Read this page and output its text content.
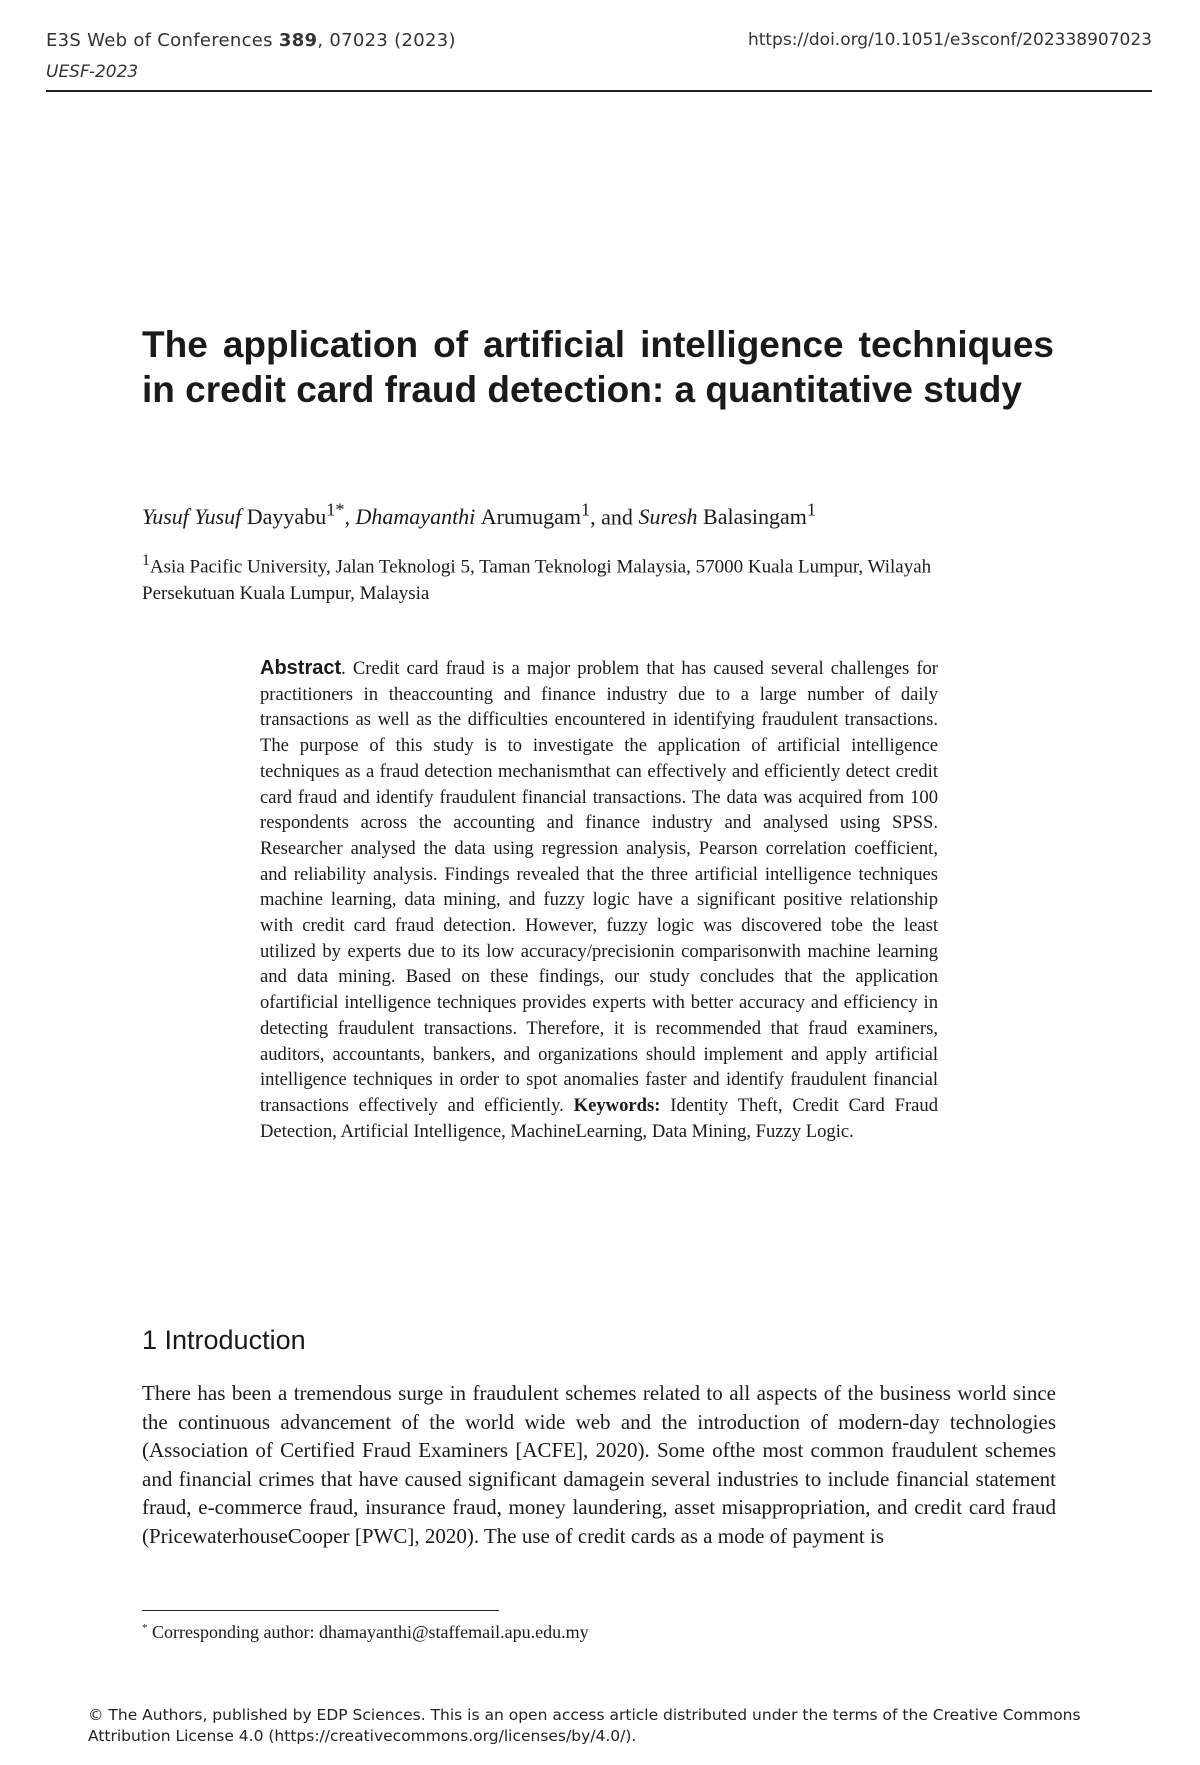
E3S Web of Conferences 389, 07023 (2023)
UESF-2023
https://doi.org/10.1051/e3sconf/202338907023
The application of artificial intelligence techniques in credit card fraud detection: a quantitative study
Yusuf Yusuf Dayyabu$^{1*}$, Dhamayanthi Arumugam$^1$, and Suresh Balasingam$^1$
$^1$Asia Pacific University, Jalan Teknologi 5, Taman Teknologi Malaysia, 57000 Kuala Lumpur, Wilayah Persekutuan Kuala Lumpur, Malaysia
Abstract. Credit card fraud is a major problem that has caused several challenges for practitioners in theaccounting and finance industry due to a large number of daily transactions as well as the difficulties encountered in identifying fraudulent transactions. The purpose of this study is to investigate the application of artificial intelligence techniques as a fraud detection mechanismthat can effectively and efficiently detect credit card fraud and identify fraudulent financial transactions. The data was acquired from 100 respondents across the accounting and finance industry and analysed using SPSS. Researcher analysed the data using regression analysis, Pearson correlation coefficient, and reliability analysis. Findings revealed that the three artificial intelligence techniques machine learning, data mining, and fuzzy logic have a significant positive relationship with credit card fraud detection. However, fuzzy logic was discovered tobe the least utilized by experts due to its low accuracy/precisionin comparisonwith machine learning and data mining. Based on these findings, our study concludes that the application ofartificial intelligence techniques provides experts with better accuracy and efficiency in detecting fraudulent transactions. Therefore, it is recommended that fraud examiners, auditors, accountants, bankers, and organizations should implement and apply artificial intelligence techniques in order to spot anomalies faster and identify fraudulent financial transactions effectively and efficiently. Keywords: Identity Theft, Credit Card Fraud Detection, Artificial Intelligence, MachineLearning, Data Mining, Fuzzy Logic.
1 Introduction

There has been a tremendous surge in fraudulent schemes related to all aspects of the business world since the continuous advancement of the world wide web and the introduction of modern-day technologies (Association of Certified Fraud Examiners [ACFE], 2020). Some ofthe most common fraudulent schemes and financial crimes that have caused significant damagein several industries to include financial statement fraud, e-commerce fraud, insurance fraud, money laundering, asset misappropriation, and credit card fraud (PricewaterhouseCooper [PWC], 2020). The use of credit cards as a mode of payment is

* Corresponding author: dhamayanthi@staffemail.apu.edu.my
© The Authors, published by EDP Sciences. This is an open access article distributed under the terms of the Creative Commons Attribution License 4.0 (https://creativecommons.org/licenses/by/4.0/).
